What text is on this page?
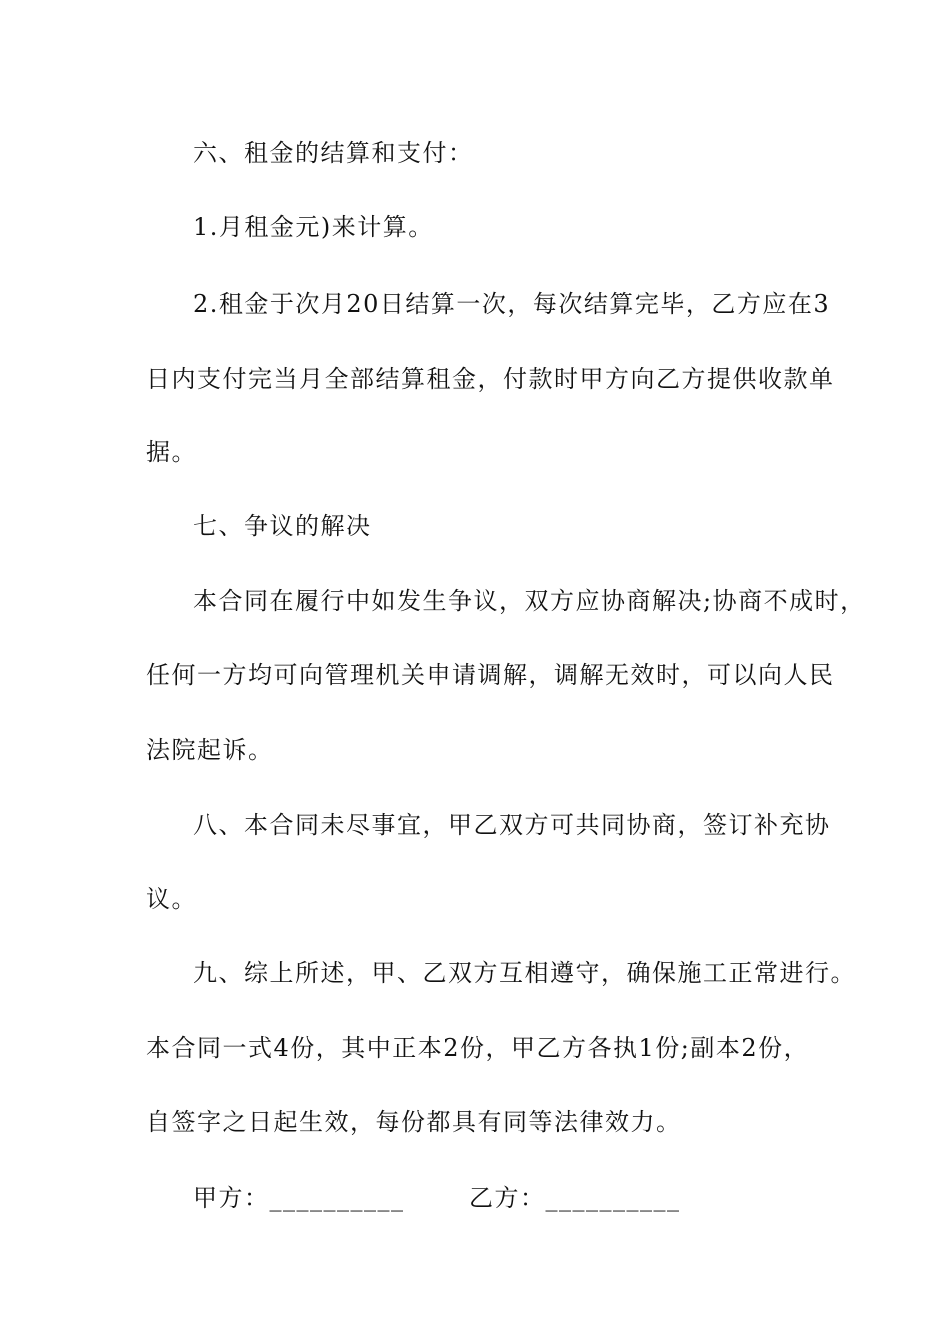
六、租金的结算和支付：
1.月租金元)来计算。
2.租金于次月20日结算一次，每次结算完毕，乙方应在3
日内支付完当月全部结算租金，付款时甲方向乙方提供收款单
据。
七、争议的解决
本合同在履行中如发生争议，双方应协商解决;协商不成时，
任何一方均可向管理机关申请调解，调解无效时，可以向人民
法院起诉。
八、本合同未尽事宜，甲乙双方可共同协商，签订补充协
议。
九、综上所述，甲、乙双方互相遵守，确保施工正常进行。
本合同一式4份，其中正本2份，甲乙方各执1份;副本2份，
自签字之日起生效，每份都具有同等法律效力。
甲方：__________	乙方：__________
